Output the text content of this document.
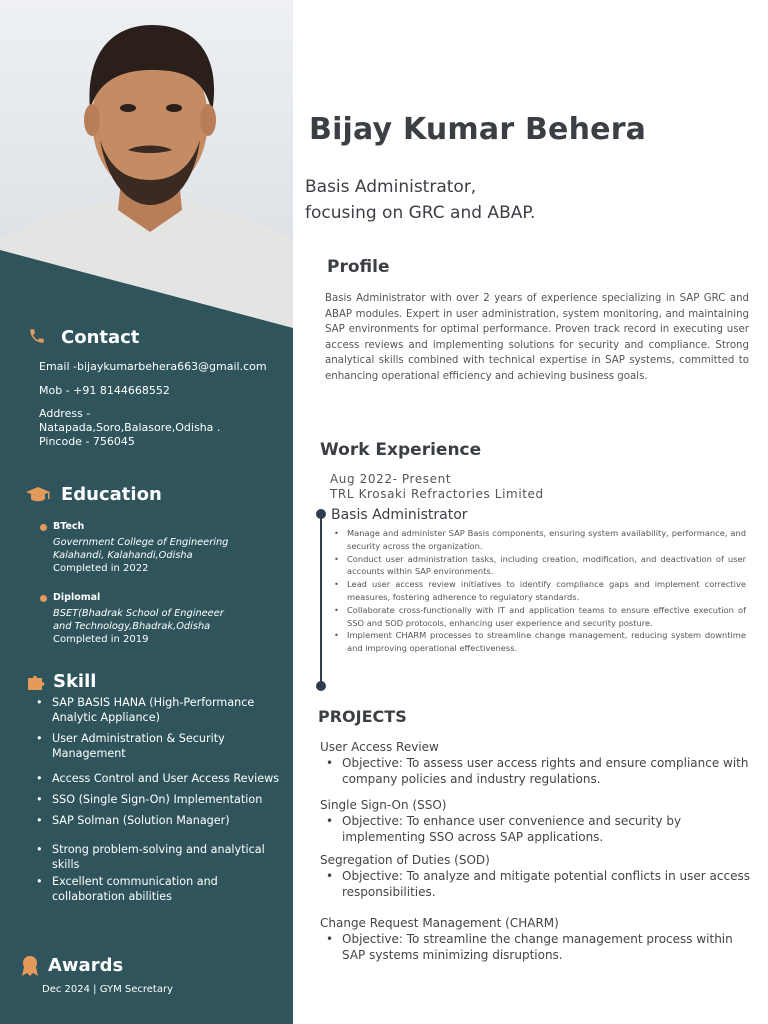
Contact

Email -bijaykumarbehera663@gmail.com

Mob - +91 8144668552

Address -

Natapada,Soro,Balasore,Odisha .

Pincode - 756045

Education

BTech

Government College of Engineering

Kalahandi, Kalahandi,Odisha

Completed in 2022

Diplomal

BSET(Bhadrak School of Engineeer

and Technology,Bhadrak,Odisha

Completed in 2019

Skill
• SAP BASIS HANA (High-Performance Analytic Appliance)
• User Administration & Security Management
• Access Control and User Access Reviews
• SSO (Single Sign-On) Implementation
• SAP Solman (Solution Manager)
• Strong problem-solving and analytical skills
• Excellent communication and collaboration abilities
Awards

Dec 2024 | GYM Secretary

Bijay Kumar Behera
Basis Administrator,
focusing on GRC and ABAP.
Profile

Basis Administrator with over 2 years of experience specializing in SAP GRC and ABAP modules. Expert in user administration, system monitoring, and maintaining SAP environments for optimal performance. Proven track record in executing user access reviews and implementing solutions for security and compliance. Strong analytical skills combined with technical expertise in SAP systems, committed to enhancing operational efficiency and achieving business goals.

Work Experience

Aug 2022- Present

TRL Krosaki Refractories Limited

Basis Administrator

• Manage and administer SAP Basis components, ensuring system availability, performance, and security across the organization.
• Conduct user administration tasks, including creation, modification, and deactivation of user accounts within SAP environments.
• Lead user access review initiatives to identify compliance gaps and implement corrective measures, fostering adherence to regulatory standards.
• Collaborate cross-functionally with IT and application teams to ensure effective execution of SSO and SOD protocols, enhancing user experience and security posture.
• Implement CHARM processes to streamline change management, reducing system downtime and improving operational effectiveness.
PROJECTS

User Access Review

• Objective: To assess user access rights and ensure compliance with company policies and industry regulations.

Single Sign-On (SSO)

• Objective: To enhance user convenience and security by implementing SSO across SAP applications.

Segregation of Duties (SOD)

• Objective: To analyze and mitigate potential conflicts in user access responsibilities.

Change Request Management (CHARM)

• Objective: To streamline the change management process within SAP systems minimizing disruptions.
